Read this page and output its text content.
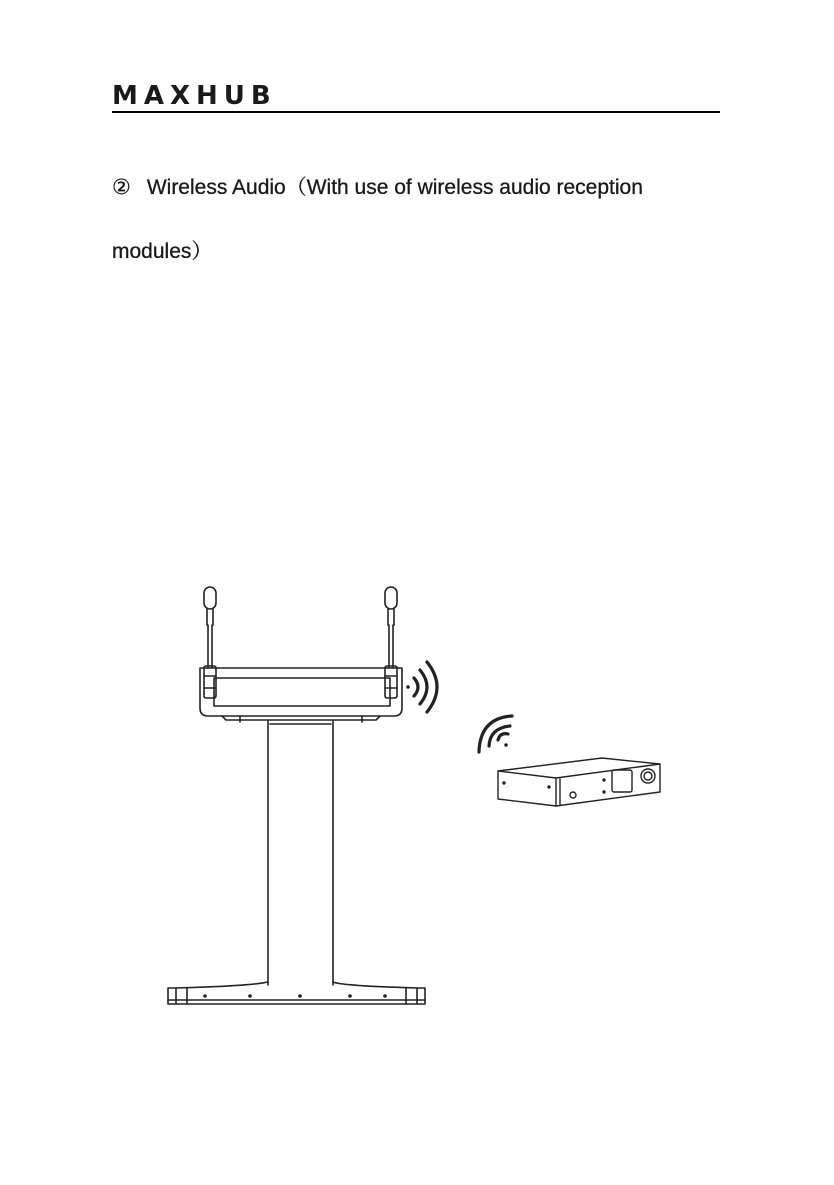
MAXHUB
② Wireless Audio（With use of wireless audio reception modules）
